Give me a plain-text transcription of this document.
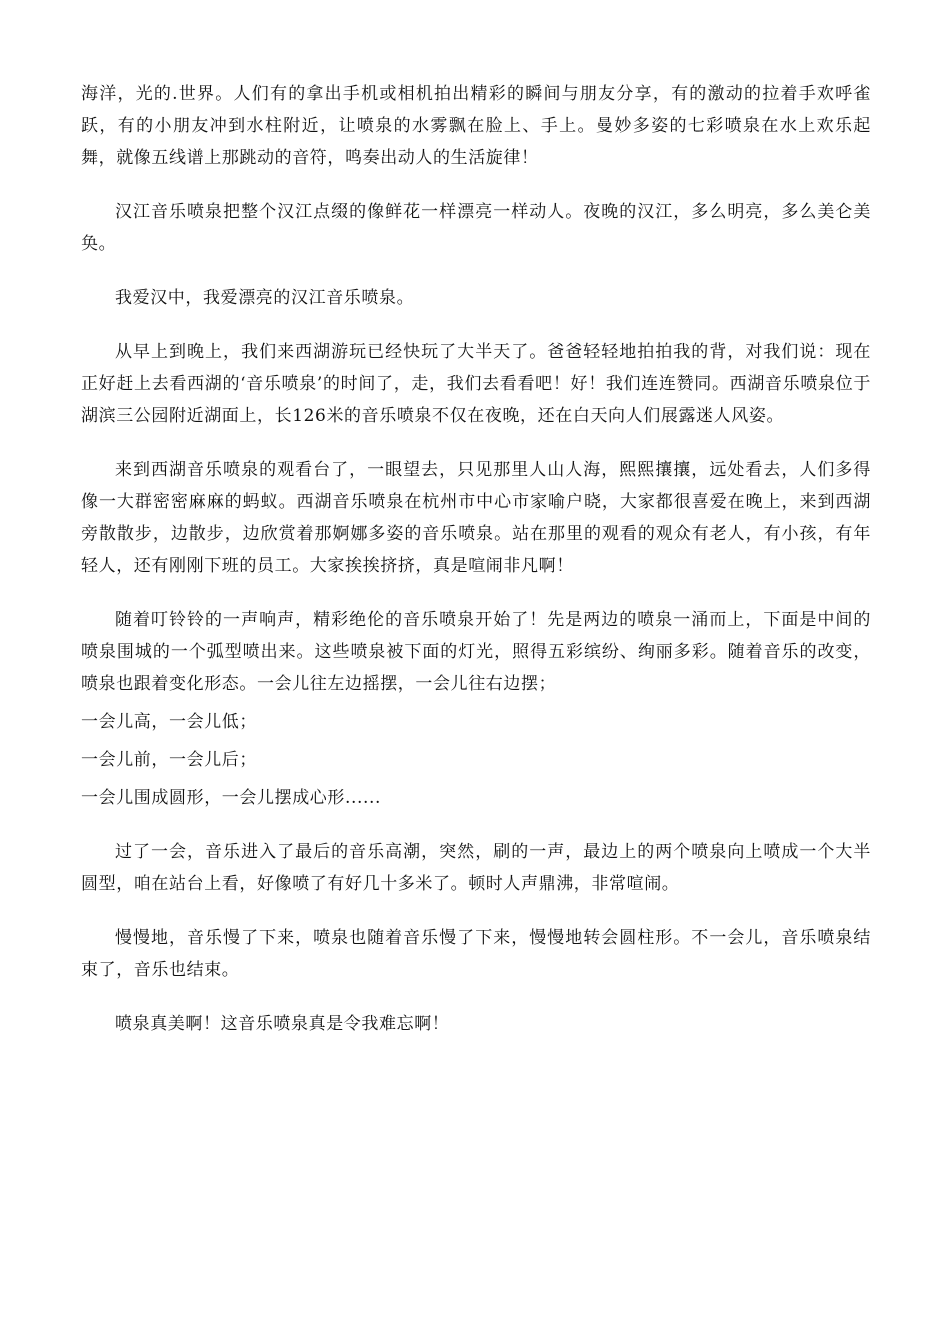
海洋，光的.世界。人们有的拿出手机或相机拍出精彩的瞬间与朋友分享，有的激动的拉着手欢呼雀跃，有的小朋友冲到水柱附近，让喷泉的水雾飘在脸上、手上。曼妙多姿的七彩喷泉在水上欢乐起舞，就像五线谱上那跳动的音符，鸣奏出动人的生活旋律！

汉江音乐喷泉把整个汉江点缀的像鲜花一样漂亮一样动人。夜晚的汉江，多么明亮，多么美仑美奂。

我爱汉中，我爱漂亮的汉江音乐喷泉。

从早上到晚上，我们来西湖游玩已经快玩了大半天了。爸爸轻轻地拍拍我的背，对我们说：现在正好赶上去看西湖的‘音乐喷泉’的时间了，走，我们去看看吧！好！我们连连赞同。西湖音乐喷泉位于湖滨三公园附近湖面上，长126米的音乐喷泉不仅在夜晚，还在白天向人们展露迷人风姿。

来到西湖音乐喷泉的观看台了，一眼望去，只见那里人山人海，熙熙攘攘，远处看去，人们多得像一大群密密麻麻的蚂蚁。西湖音乐喷泉在杭州市中心市家喻户晓，大家都很喜爱在晚上，来到西湖旁散散步，边散步，边欣赏着那婀娜多姿的音乐喷泉。站在那里的观看的观众有老人，有小孩，有年轻人，还有刚刚下班的员工。大家挨挨挤挤，真是喧闹非凡啊！

随着叮铃铃的一声响声，精彩绝伦的音乐喷泉开始了！先是两边的喷泉一涌而上，下面是中间的喷泉围城的一个弧型喷出来。这些喷泉被下面的灯光，照得五彩缤纷、绚丽多彩。随着音乐的改变，喷泉也跟着变化形态。一会儿往左边摇摆，一会儿往右边摆；

一会儿高，一会儿低；

一会儿前，一会儿后；

一会儿围成圆形，一会儿摆成心形......

过了一会，音乐进入了最后的音乐高潮，突然，刷的一声，最边上的两个喷泉向上喷成一个大半圆型，咱在站台上看，好像喷了有好几十多米了。顿时人声鼎沸，非常喧闹。

慢慢地，音乐慢了下来，喷泉也随着音乐慢了下来，慢慢地转会圆柱形。不一会儿，音乐喷泉结束了，音乐也结束。

喷泉真美啊！这音乐喷泉真是令我难忘啊！
